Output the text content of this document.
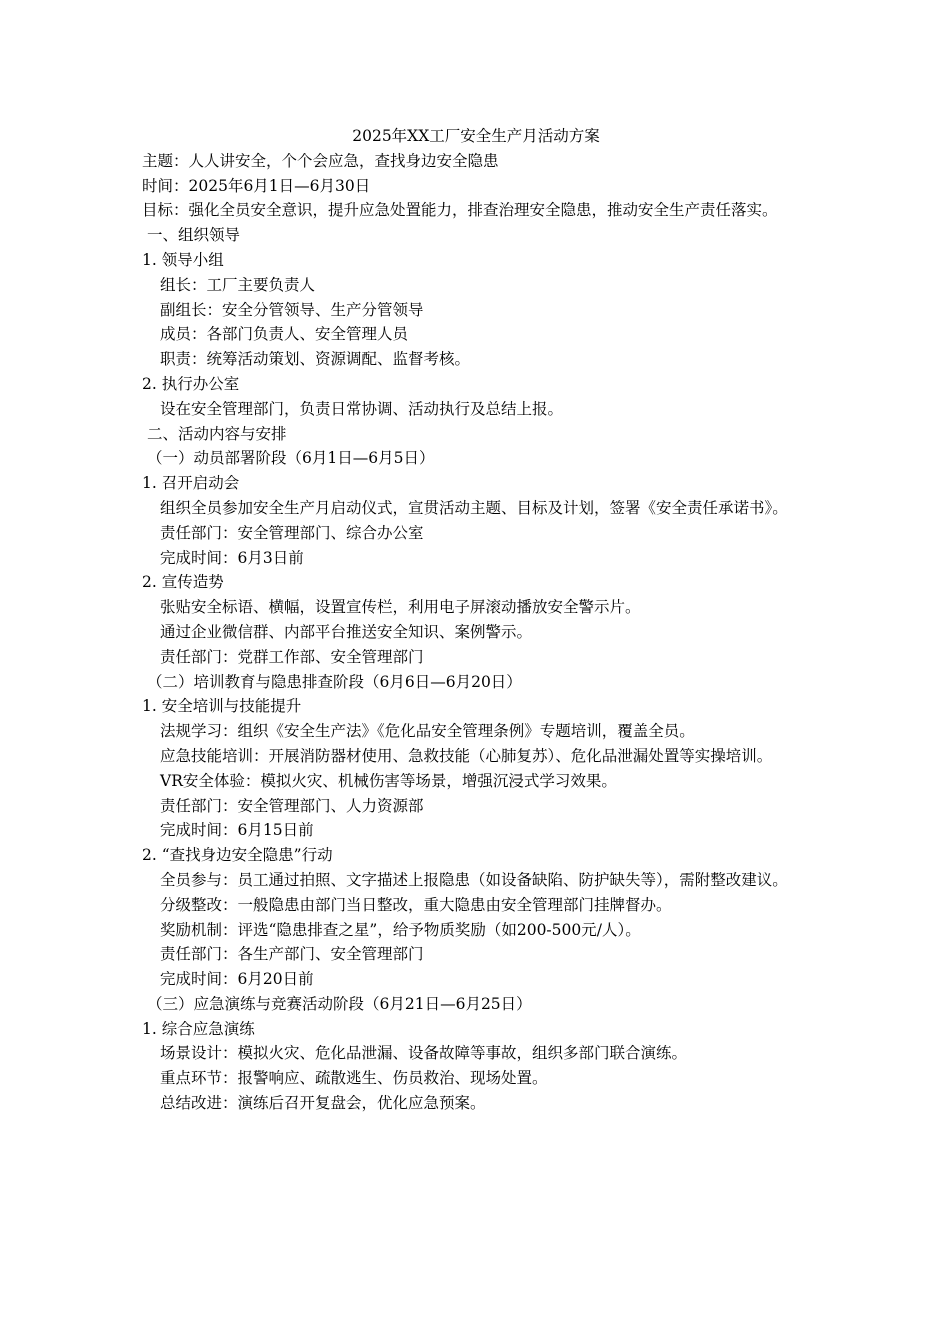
2025年XX工厂安全生产月活动方案

主题：人人讲安全，个个会应急，查找身边安全隐患

时间：2025年6月1日—6月30日

目标：强化全员安全意识，提升应急处置能力，排查治理安全隐患，推动安全生产责任落实。

一、组织领导

1. 领导小组

组长：工厂主要负责人

副组长：安全分管领导、生产分管领导

成员：各部门负责人、安全管理人员

职责：统筹活动策划、资源调配、监督考核。

2. 执行办公室

设在安全管理部门，负责日常协调、活动执行及总结上报。

二、活动内容与安排

（一）动员部署阶段（6月1日—6月5日）

1. 召开启动会

组织全员参加安全生产月启动仪式，宣贯活动主题、目标及计划，签署《安全责任承诺书》。

责任部门：安全管理部门、综合办公室

完成时间：6月3日前

2. 宣传造势

张贴安全标语、横幅，设置宣传栏，利用电子屏滚动播放安全警示片。

通过企业微信群、内部平台推送安全知识、案例警示。

责任部门：党群工作部、安全管理部门

（二）培训教育与隐患排查阶段（6月6日—6月20日）

1. 安全培训与技能提升

法规学习：组织《安全生产法》《危化品安全管理条例》专题培训，覆盖全员。

应急技能培训：开展消防器材使用、急救技能（心肺复苏）、危化品泄漏处置等实操培训。

VR安全体验：模拟火灾、机械伤害等场景，增强沉浸式学习效果。

责任部门：安全管理部门、人力资源部

完成时间：6月15日前

2. “查找身边安全隐患”行动

全员参与：员工通过拍照、文字描述上报隐患（如设备缺陷、防护缺失等），需附整改建议。

分级整改：一般隐患由部门当日整改，重大隐患由安全管理部门挂牌督办。

奖励机制：评选“隐患排查之星”，给予物质奖励（如200-500元/人）。

责任部门：各生产部门、安全管理部门

完成时间：6月20日前

（三）应急演练与竞赛活动阶段（6月21日—6月25日）

1. 综合应急演练

场景设计：模拟火灾、危化品泄漏、设备故障等事故，组织多部门联合演练。

重点环节：报警响应、疏散逃生、伤员救治、现场处置。

总结改进：演练后召开复盘会，优化应急预案。
